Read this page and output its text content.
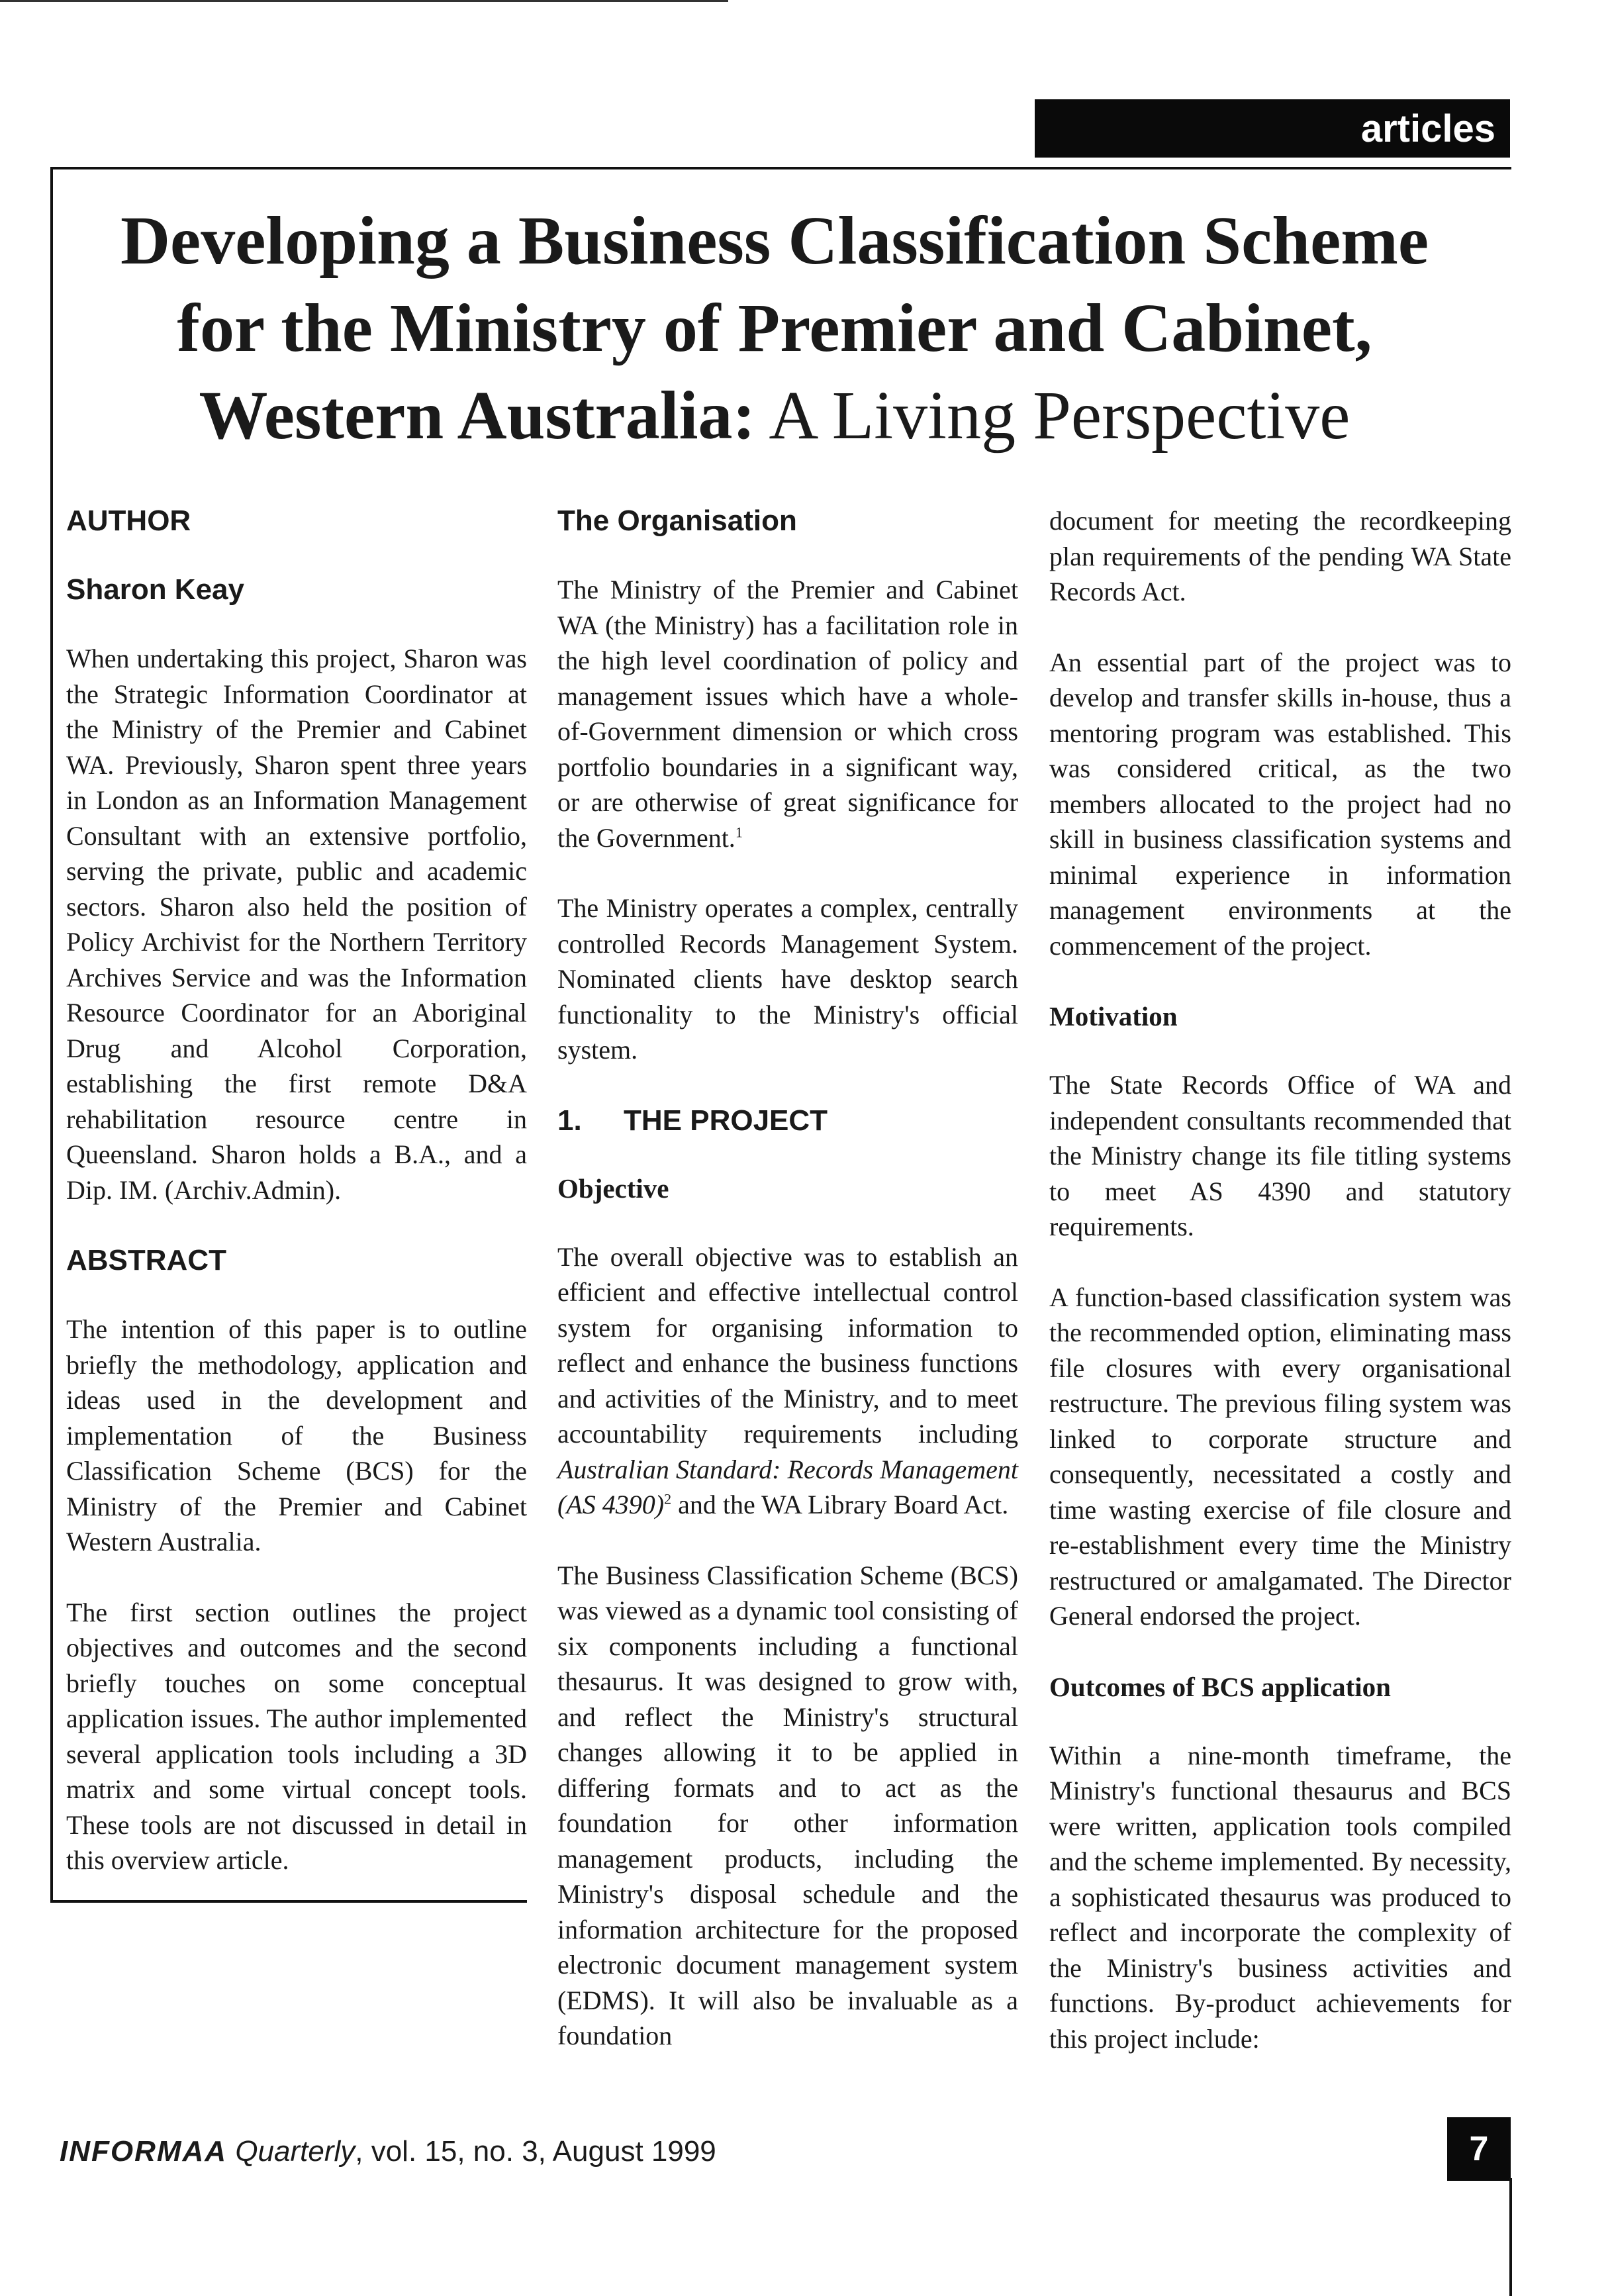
articles
Developing a Business Classification Scheme
for the Ministry of Premier and Cabinet,
Western Australia: A Living Perspective
AUTHOR
Sharon Keay

When undertaking this project, Sharon was the Strategic Information Coordinator at the Ministry of the Premier and Cabinet WA. Previously, Sharon spent three years in London as an Information Management Consultant with an extensive portfolio, serving the private, public and academic sectors. Sharon also held the position of Policy Archivist for the Northern Territory Archives Service and was the Information Resource Coordinator for an Aboriginal Drug and Alcohol Corporation, establishing the first remote D&A rehabilitation resource centre in Queensland. Sharon holds a B.A., and a Dip. IM. (Archiv.Admin).

ABSTRACT

The intention of this paper is to outline briefly the methodology, application and ideas used in the development and implementation of the Business Classification Scheme (BCS) for the Ministry of the Premier and Cabinet Western Australia.

The first section outlines the project objectives and outcomes and the second briefly touches on some conceptual application issues. The author implemented several application tools including a 3D matrix and some virtual concept tools. These tools are not discussed in detail in this overview article.

The Organisation

The Ministry of the Premier and Cabinet WA (the Ministry) has a facilitation role in the high level coordination of policy and management issues which have a whole-of-Government dimension or which cross portfolio boundaries in a significant way, or are otherwise of great significance for the Government.$^1$

The Ministry operates a complex, centrally controlled Records Management System. Nominated clients have desktop search functionality to the Ministry's official system.

1.	THE PROJECT
Objective

The overall objective was to establish an efficient and effective intellectual control system for organising information to reflect and enhance the business functions and activities of the Ministry, and to meet accountability requirements including Australian Standard: Records Management (AS 4390)$^2$ and the WA Library Board Act.

The Business Classification Scheme (BCS) was viewed as a dynamic tool consisting of six components including a functional thesaurus. It was designed to grow with, and reflect the Ministry's structural changes allowing it to be applied in differing formats and to act as the foundation for other information management products, including the Ministry's disposal schedule and the information architecture for the proposed electronic document management system (EDMS). It will also be invaluable as a foundation

document for meeting the recordkeeping plan requirements of the pending WA State Records Act.

An essential part of the project was to develop and transfer skills in-house, thus a mentoring program was established. This was considered critical, as the two members allocated to the project had no skill in business classification systems and minimal experience in information management environments at the commencement of the project.

Motivation

The State Records Office of WA and independent consultants recommended that the Ministry change its file titling systems to meet AS 4390 and statutory requirements.

A function-based classification system was the recommended option, eliminating mass file closures with every organisational restructure. The previous filing system was linked to corporate structure and consequently, necessitated a costly and time wasting exercise of file closure and re-establishment every time the Ministry restructured or amalgamated. The Director General endorsed the project.

Outcomes of BCS application

Within a nine-month timeframe, the Ministry's functional thesaurus and BCS were written, application tools compiled and the scheme implemented. By necessity, a sophisticated thesaurus was produced to reflect and incorporate the complexity of the Ministry's business activities and functions. By-product achievements for this project include:

INFORMAA Quarterly, vol. 15, no. 3, August 1999	7
